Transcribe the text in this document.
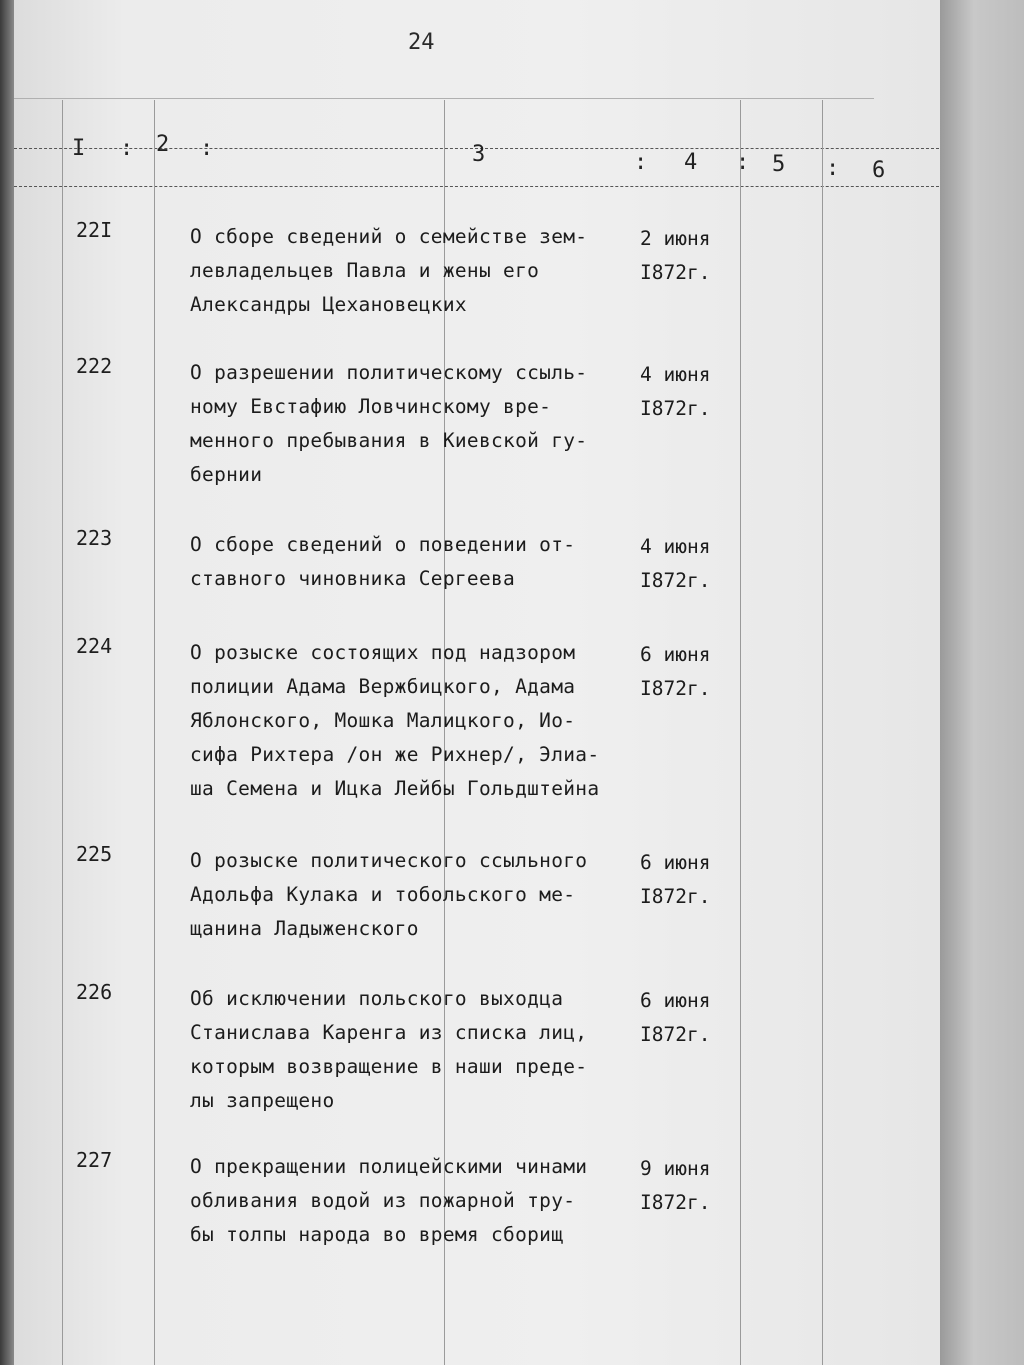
24
I : 2 :	3	: 4 : 5 : 6
22I	О сборе сведений о семействе зем-
левладельцев Павла и жены его
Александры Цехановецких
2 июня
I872г.
222	О разрешении политическому ссыль-
ному Евстафию Ловчинскому вре-
менного пребывания в Киевской гу-
бернии
4 июня
I872г.
223	О сборе сведений о поведении от-
ставного чиновника Сергеева
4 июня
I872г.
224	О розыске состоящих под надзором
полиции Адама Вержбицкого, Адама
Яблонского, Мошка Малицкого, Ио-
сифа Рихтера /он же Рихнер/, Элиа-
ша Семена и Ицка Лейбы Гольдштейна
6 июня
I872г.
225	О розыске политического ссыльного
Адольфа Кулака и тобольского ме-
щанина Ладыженского
6 июня
I872г.
226	Об исключении польского выходца
Станислава Каренга из списка лиц,
которым возвращение в наши преде-
лы запрещено
6 июня
I872г.
227	О прекращении полицейскими чинами
обливания водой из пожарной тру-
бы толпы народа во время сборищ
9 июня
I872г.
